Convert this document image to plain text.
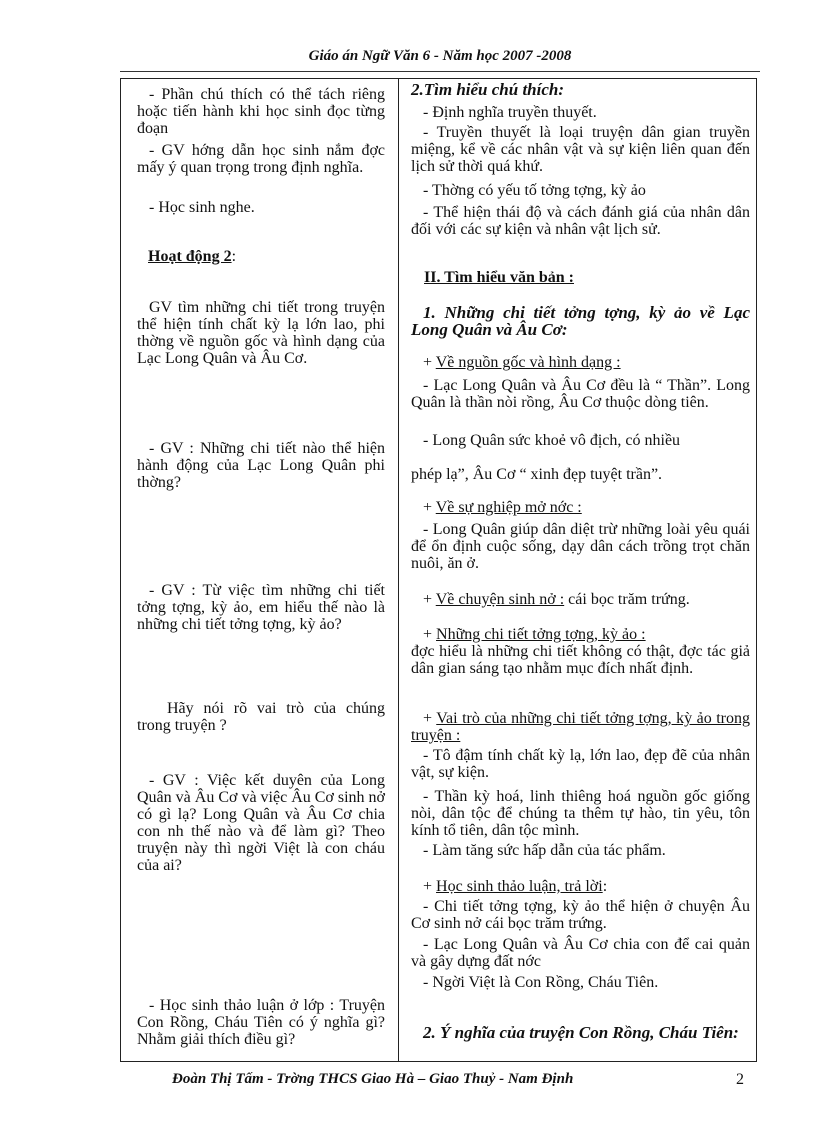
Giáo án Ngữ Văn 6 - Năm học 2007 -2008
- Phần chú thích có thể tách riêng hoặc tiến hành khi học sinh đọc từng đoạn
- GV hớng dẫn học sinh nắm đợc mấy ý quan trọng trong định nghĩa.
- Học sinh nghe.
Hoạt động 2:
GV tìm những chi tiết trong truyện thể hiện tính chất kỳ lạ lớn lao, phi thờng về nguồn gốc và hình dạng của Lạc Long Quân và Âu Cơ.
- GV : Những chi tiết nào thể hiện hành động của Lạc Long Quân phi thờng?
- GV : Từ việc tìm những chi tiết tởng tợng, kỳ ảo, em hiểu thế nào là những chi tiết tởng tợng, kỳ ảo?
Hãy nói rõ vai trò của chúng trong truyện ?
- GV : Việc kết duyên của Long Quân và Âu Cơ và việc Âu Cơ sinh nở có gì lạ? Long Quân và Âu Cơ chia con nh thế nào và để làm gì? Theo truyện này thì ngời Việt là con cháu của ai?
- Học sinh thảo luận ở lớp : Truyện Con Rồng, Cháu Tiên có ý nghĩa gì? Nhằm giải thích điều gì?
2.Tìm hiểu chú thích:
- Định nghĩa truyền thuyết.
- Truyền thuyết là loại truyện dân gian truyền miệng, kể về các nhân vật và sự kiện liên quan đến lịch sử thời quá khứ.
- Thờng có yếu tố tởng tợng, kỳ ảo
- Thể hiện thái độ và cách đánh giá của nhân dân đối với các sự kiện và nhân vật lịch sử.
II. Tìm hiểu văn bản :
1. Những chi tiết tởng tợng, kỳ ảo về Lạc Long Quân và Âu Cơ:
+ Về nguồn gốc và hình dạng :
- Lạc Long Quân và Âu Cơ đều là “ Thần”. Long Quân là thần nòi rồng, Âu Cơ thuộc dòng tiên.
- Long Quân sức khoẻ vô địch, có nhiều
phép lạ”, Âu Cơ “ xinh đẹp tuyệt trần”.
+ Về sự nghiệp mở nớc :
- Long Quân giúp dân diệt trừ những loài yêu quái để ổn định cuộc sống, dạy dân cách trồng trọt chăn nuôi, ăn ở.
+ Về chuyện sinh nở : cái bọc trăm trứng.
+ Những chi tiết tởng tợng, kỳ ảo :
đợc hiểu là những chi tiết không có thật, đợc tác giả dân gian sáng tạo nhằm mục đích nhất định.
+ Vai trò của những chi tiết tởng tợng, kỳ ảo trong truyện :
- Tô đậm tính chất kỳ lạ, lớn lao, đẹp đẽ của nhân vật, sự kiện.
- Thần kỳ hoá, linh thiêng hoá nguồn gốc giống nòi, dân tộc để chúng ta thêm tự hào, tin yêu, tôn kính tổ tiên, dân tộc mình.
- Làm tăng sức hấp dẫn của tác phẩm.
+ Học sinh thảo luận, trả lời:
- Chi tiết tởng tợng, kỳ ảo thể hiện ở chuyện Âu Cơ sinh nở cái bọc trăm trứng.
- Lạc Long Quân và Âu Cơ chia con để cai quản và gây dựng đất nớc
- Ngời Việt là Con Rồng, Cháu Tiên.
2. Ý nghĩa của truyện Con Rồng, Cháu Tiên:
Đoàn Thị Tấm - Trờng THCS Giao Hà – Giao Thuỷ - Nam Định	2
